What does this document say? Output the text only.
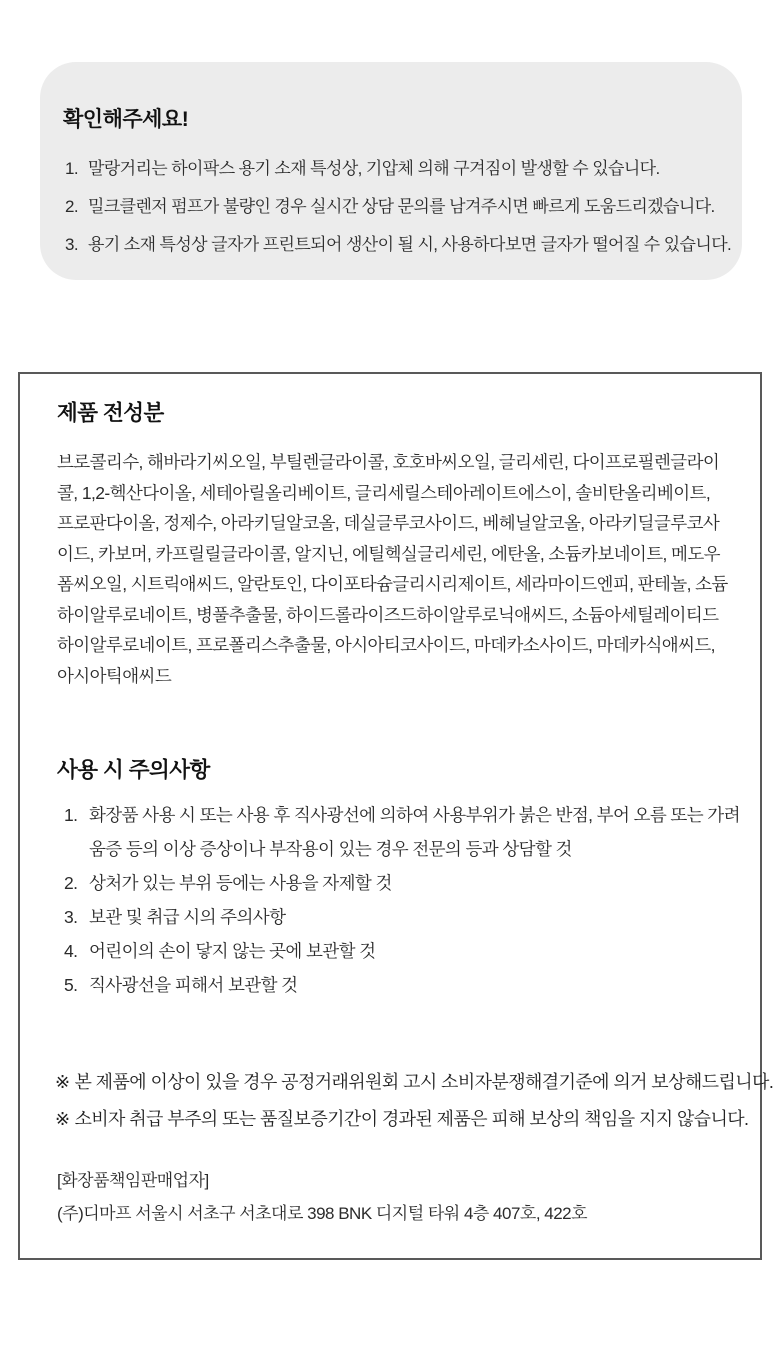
확인해주세요!
말랑거리는 하이팍스 용기 소재 특성상, 기압체 의해 구겨짐이 발생할 수 있습니다.
밀크클렌저 펌프가 불량인 경우 실시간 상담 문의를 남겨주시면 빠르게 도움드리겠습니다.
용기 소재 특성상 글자가 프린트되어 생산이 될 시, 사용하다보면 글자가 떨어질 수 있습니다.
제품 전성분

브로콜리수, 해바라기씨오일, 부틸렌글라이콜, 호호바씨오일, 글리세린, 다이프로필렌글라이콜, 1,2-헥산다이올, 세테아릴올리베이트, 글리세릴스테아레이트에스이, 솔비탄올리베이트, 프로판다이올, 정제수, 아라키딜알코올, 데실글루코사이드, 베헤닐알코올, 아라키딜글루코사이드, 카보머, 카프릴릴글라이콜, 알지닌, 에틸헥실글리세린, 에탄올, 소듐카보네이트, 메도우폼씨오일, 시트릭애씨드, 알란토인, 다이포타슘글리시리제이트, 세라마이드엔피, 판테놀, 소듐하이알루로네이트, 병풀추출물, 하이드롤라이즈드하이알루로닉애씨드, 소듐아세틸레이티드하이알루로네이트, 프로폴리스추출물, 아시아티코사이드, 마데카소사이드, 마데카식애씨드, 아시아틱애씨드

사용 시 주의사항
화장품 사용 시 또는 사용 후 직사광선에 의하여 사용부위가 붉은 반점, 부어 오름 또는 가려움증 등의 이상 증상이나 부작용이 있는 경우 전문의 등과 상담할 것
상처가 있는 부위 등에는 사용을 자제할 것
보관 및 취급 시의 주의사항
어린이의 손이 닿지 않는 곳에 보관할 것
직사광선을 피해서 보관할 것
※ 본 제품에 이상이 있을 경우 공정거래위원회 고시 소비자분쟁해결기준에 의거 보상해드립니다.
※ 소비자 취급 부주의 또는 품질보증기간이 경과된 제품은 피해 보상의 책임을 지지 않습니다.
[화장품책임판매업자]
(주)디마프 서울시 서초구 서초대로 398 BNK 디지털 타워 4층 407호, 422호
